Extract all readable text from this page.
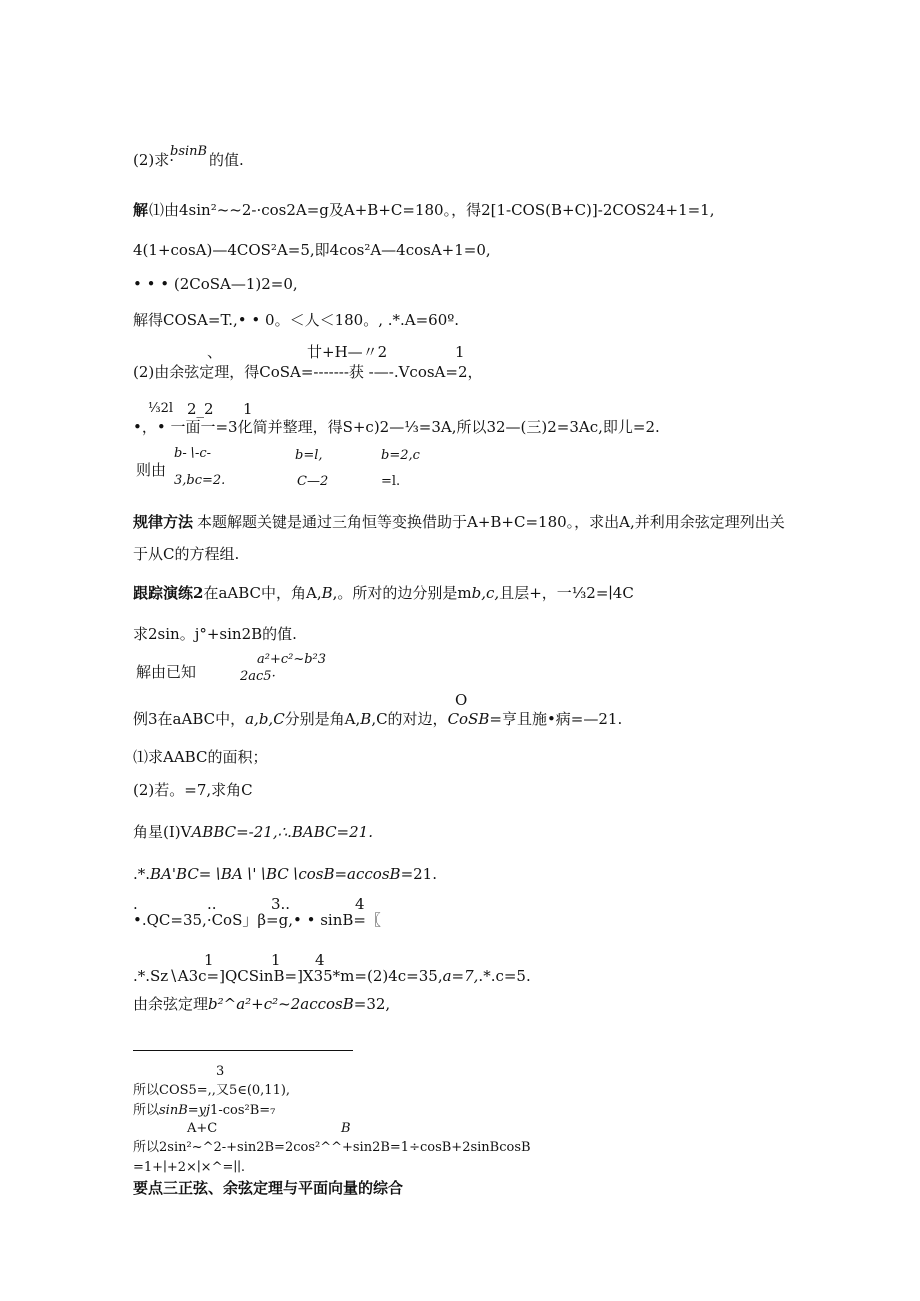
bsinB
(2)求· 的值.
解 ⑴由4sin²~~2-·cos2A=g及A+B+C=180。，得2[1-COS(B+C)]-2COS24+1=1,
4(1+cosA)—4COS²A=5,即4cos²A—4cosA+1=0,
• • • (2CoSA—1)2=0,
解得COSA=T.,• • 0。＜人＜180。, .*.A=60º.
、	廿+H—〃2	1
(2)由余弦定理，得CoSA=-------获 -—-.VcosA=2，
⅓2l 2_2 1
•，• 一面一=3化简并整理，得S+c)2—⅓=3A,所以32—(三)2=3Ac,即儿=2.
b-∖-c-	b=l,	b=2,c
则由
3,bc=2.	C—2	=l.
规律方法 本题解题关键是通过三角恒等变换借助于A+B+C=180。，求出A,并利用余弦定理列出关
于从C的方程组.
跟踪演练2在aABC中，角A,B,。所对的边分别是mb,c,且层+，一⅓2=∣4C
求2sin。j°+sin2B的值.
a²+c²~b²3
解由已知	2ac5·
O
例3在aABC中，a,b,C分别是角A,B,C的对边，CoSB=亨且施•病=—21.
⑴求AABC的面积；
(2)若。=7,求角C
角星(I)VABBC=-21,∴.BABC=21.
.*.BA'BC=∖BA∖'∖BC∖cosB=accosB=21.
.	..	3..	4
•.QC=35,·CoS」β=g,• • sinB=〖
1	1 4
.*.Sz∖A3c=]QCSinB=]X35*m=(2)4c=35,a=7,.*.c=5.
由余弦定理b²^a²+c²~2accosB=32,
3
所以COS5=,,又5∈(0,11),
所以sinB=yj1-cos²B=₇
A+C	B
所以2sin²~^2-+sin2B=2cos²^^+sin2B=1÷cosB+2sinBcosB
=1+∣+2×∣×^=∣∣.
要点三正弦、余弦定理与平面向量的综合
